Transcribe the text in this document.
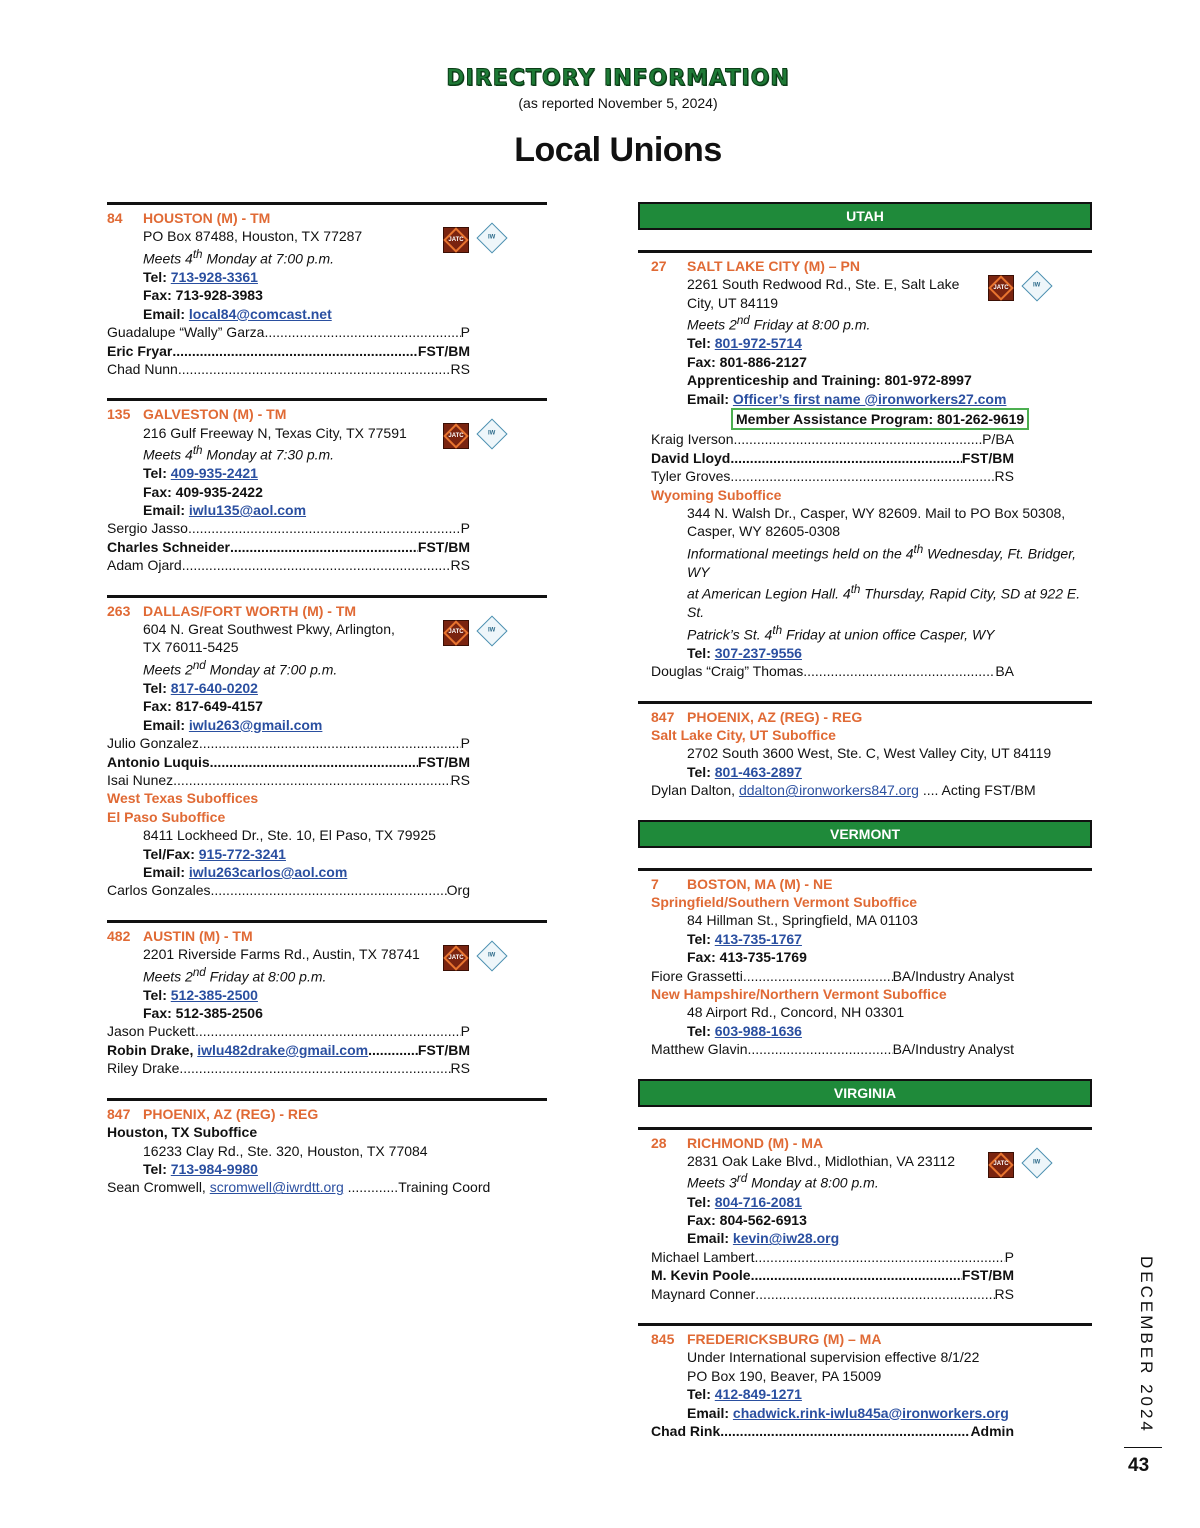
DIRECTORY INFORMATION
(as reported November 5, 2024)
Local Unions
JATC	IW
84 HOUSTON (M) - TM
PO Box 87488, Houston, TX 77287
Meets 4th Monday at 7:00 p.m.
Tel: 713-928-3361
Fax: 713-928-3983
Email: local84@comcast.net
Guadalupe “Wally” Garza .....	P
Eric Fryar .....	FST/BM
Chad Nunn .....	RS
JATC	IW
135 GALVESTON (M) - TM
216 Gulf Freeway N, Texas City, TX 77591
Meets 4th Monday at 7:30 p.m.
Tel: 409-935-2421
Fax: 409-935-2422
Email: iwlu135@aol.com
Sergio Jasso .....	P
Charles Schneider .....	FST/BM
Adam Ojard .....	RS
JATC	IW
263 DALLAS/FORT WORTH (M) - TM
604 N. Great Southwest Pkwy, Arlington,
TX 76011-5425
Meets 2nd Monday at 7:00 p.m.
Tel: 817-640-0202
Fax: 817-649-4157
Email: iwlu263@gmail.com
Julio Gonzalez .....	P
Antonio Luquis .....	FST/BM
Isai Nunez .....	RS
West Texas Suboffices
El Paso Suboffice
8411 Lockheed Dr., Ste. 10, El Paso, TX 79925
Tel/Fax: 915-772-3241
Email: iwlu263carlos@aol.com
Carlos Gonzales .....	Org
JATC	IW
482 AUSTIN (M) - TM
2201 Riverside Farms Rd., Austin, TX 78741
Meets 2nd Friday at 8:00 p.m.
Tel: 512-385-2500
Fax: 512-385-2506
Jason Puckett .....	P
Robin Drake, iwlu482drake@gmail.com .....	FST/BM
Riley Drake .....	RS
847 PHOENIX, AZ (REG) - REG
Houston, TX Suboffice
16233 Clay Rd., Ste. 320, Houston, TX 77084
Tel: 713-984-9980
Sean Cromwell, scromwell@iwrdtt.org .............Training Coord
UTAH
JATC	IW
27 SALT LAKE CITY (M) – PN
2261 South Redwood Rd., Ste. E, Salt Lake
City, UT 84119
Meets 2nd Friday at 8:00 p.m.
Tel: 801-972-5714
Fax: 801-886-2127
Apprenticeship and Training: 801-972-8997
Email: Officer’s first name @ironworkers27.com
Member Assistance Program: 801-262-9619
Kraig Iverson .....	P/BA
David Lloyd .....	FST/BM
Tyler Groves .....	RS
Wyoming Suboffice
344 N. Walsh Dr., Casper, WY 82609. Mail to PO Box 50308,
Casper, WY 82605-0308
Informational meetings held on the 4th Wednesday, Ft. Bridger, WY
at American Legion Hall. 4th Thursday, Rapid City, SD at 922 E. St.
Patrick’s St. 4th Friday at union office Casper, WY
Tel: 307-237-9556
Douglas “Craig” Thomas .....	BA
847 PHOENIX, AZ (REG) - REG
Salt Lake City, UT Suboffice
2702 South 3600 West, Ste. C, West Valley City, UT 84119
Tel: 801-463-2897
Dylan Dalton, ddalton@ironworkers847.org .... Acting FST/BM
VERMONT
7 BOSTON, MA (M) - NE
Springfield/Southern Vermont Suboffice
84 Hillman St., Springfield, MA 01103
Tel: 413-735-1767
Fax: 413-735-1769
Fiore Grassetti .....	BA/Industry Analyst
New Hampshire/Northern Vermont Suboffice
48 Airport Rd., Concord, NH 03301
Tel: 603-988-1636
Matthew Glavin .....	BA/Industry Analyst
VIRGINIA
JATC	IW
28 RICHMOND (M) - MA
2831 Oak Lake Blvd., Midlothian, VA 23112
Meets 3rd Monday at 8:00 p.m.
Tel: 804-716-2081
Fax: 804-562-6913
Email: kevin@iw28.org
Michael Lambert .....	P
M. Kevin Poole .....	FST/BM
Maynard Conner .....	RS
845 FREDERICKSBURG (M) – MA
Under International supervision effective 8/1/22
PO Box 190, Beaver, PA 15009
Tel: 412-849-1271
Email: chadwick.rink-iwlu845a@ironworkers.org
Chad Rink .....	Admin	DECEMBER 2024
43
